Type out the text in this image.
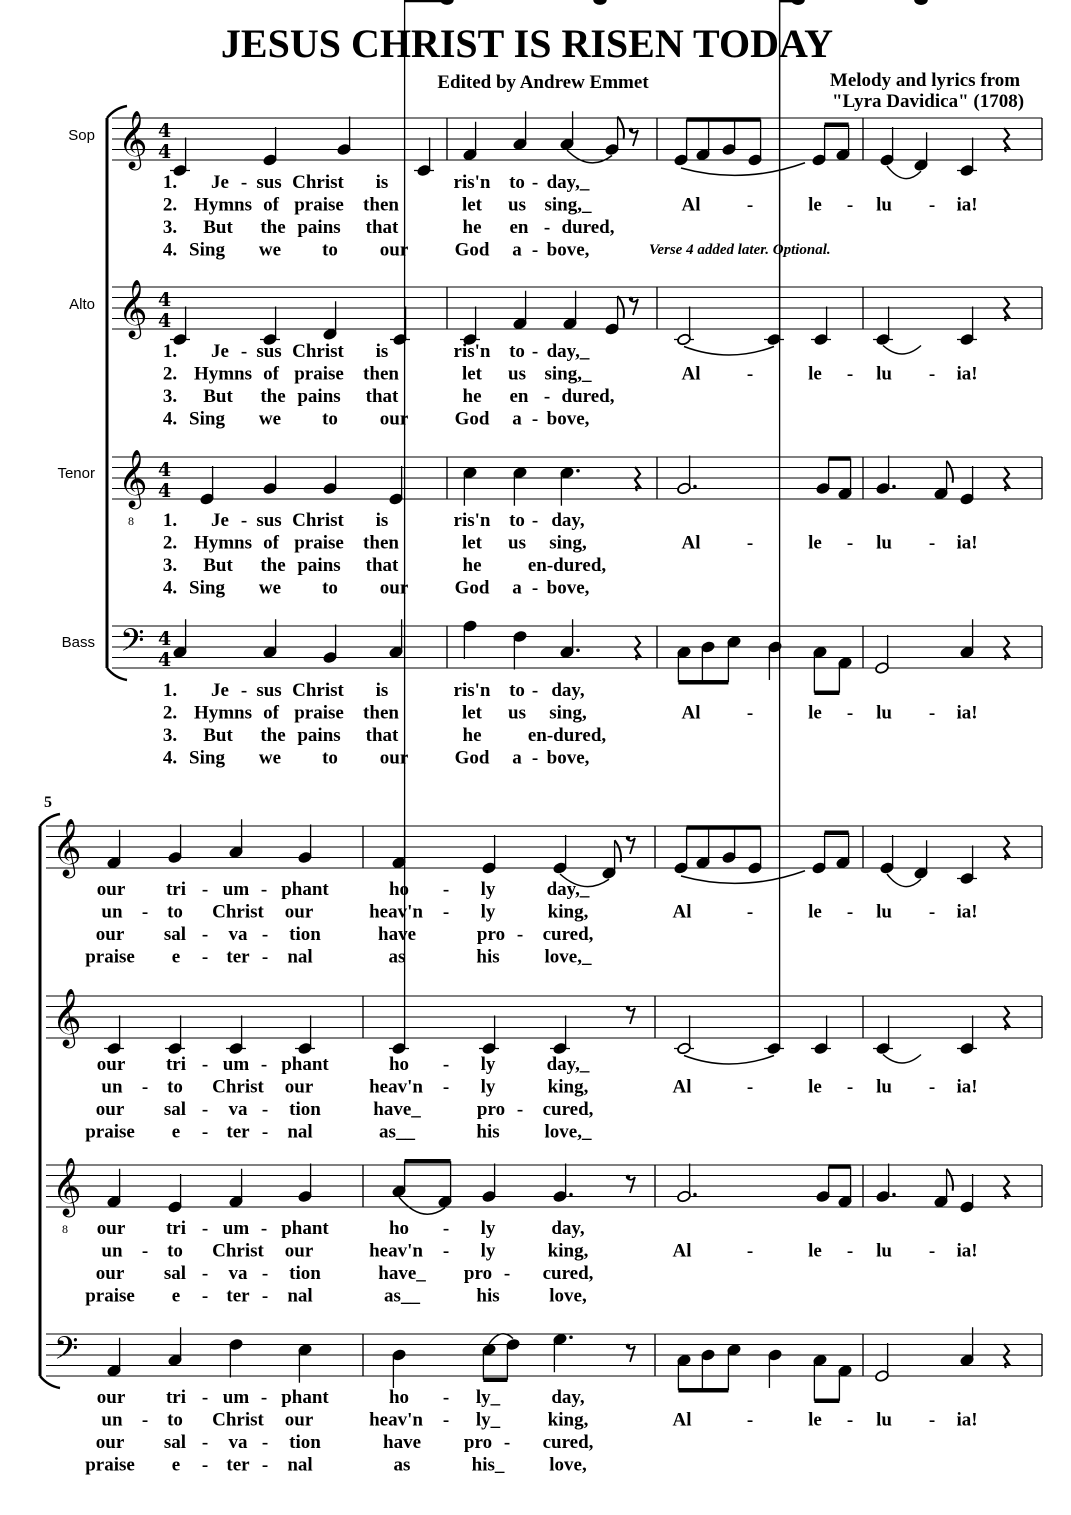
JESUS CHRIST IS RISEN TODAY
Edited by Andrew Emmet	Melody and lyrics from
"Lyra Davidica" (1708)
Sop
Alto
Tenor
Bass
5
Verse 4 added later. Optional.
𝄞 4
4
𝄞 4
4
𝄞
8
4
4
𝄢 4
4
𝄞
𝄞
𝄞
8
𝄢
1. Je - sus Christ is	ris'n to - day,_
2. Hymns of praise then	let us sing,_	Al -	le - lu - ia!
3. But the pains that	he en - dured,
4. Sing we to our God a - bove,
1. Je - sus Christ is	ris'n to - day,_
2. Hymns of praise then	let us sing,_	Al -	le - lu - ia!
3. But the pains that	he en - dured,
4. Sing we to our God a - bove,
1. Je - sus Christ is	ris'n to - day,
2. Hymns of praise then	let us sing,	Al -	le - lu - ia!
3. But the pains that	he en-dured,
4. Sing we to our God a - bove,
1. Je - sus Christ is	ris'n to - day,
2. Hymns of praise then	let us sing,	Al -	le - lu - ia!
3. But the pains that	he en-dured,
4. Sing we to our God a - bove,
our tri - um - phant	ho - ly	day,_
un - to Christ our	heav'n - ly	king,	Al	-	le - lu - ia!
our sal - va - tion	have	pro - cured,
praise e - ter - nal	as	his love,_
our tri - um - phant	ho - ly	day,_
un - to Christ our	heav'n - ly	king,	Al	-	le - lu - ia!
our sal - va - tion	have_	pro - cured,
praise e - ter - nal	as__	his love,_
our tri - um - phant	ho - ly	day,
un - to Christ our	heav'n - ly	king,	Al	-	le - lu - ia!
our sal - va - tion	have_ pro - cured,
praise e - ter - nal	as__	his	love,
our tri - um - phant	ho - ly_	day,
un - to Christ our	heav'n - ly_	king,	Al	-	le - lu - ia!
our sal - va - tion	have pro - cured,
praise e - ter - nal	as	his_ love,
